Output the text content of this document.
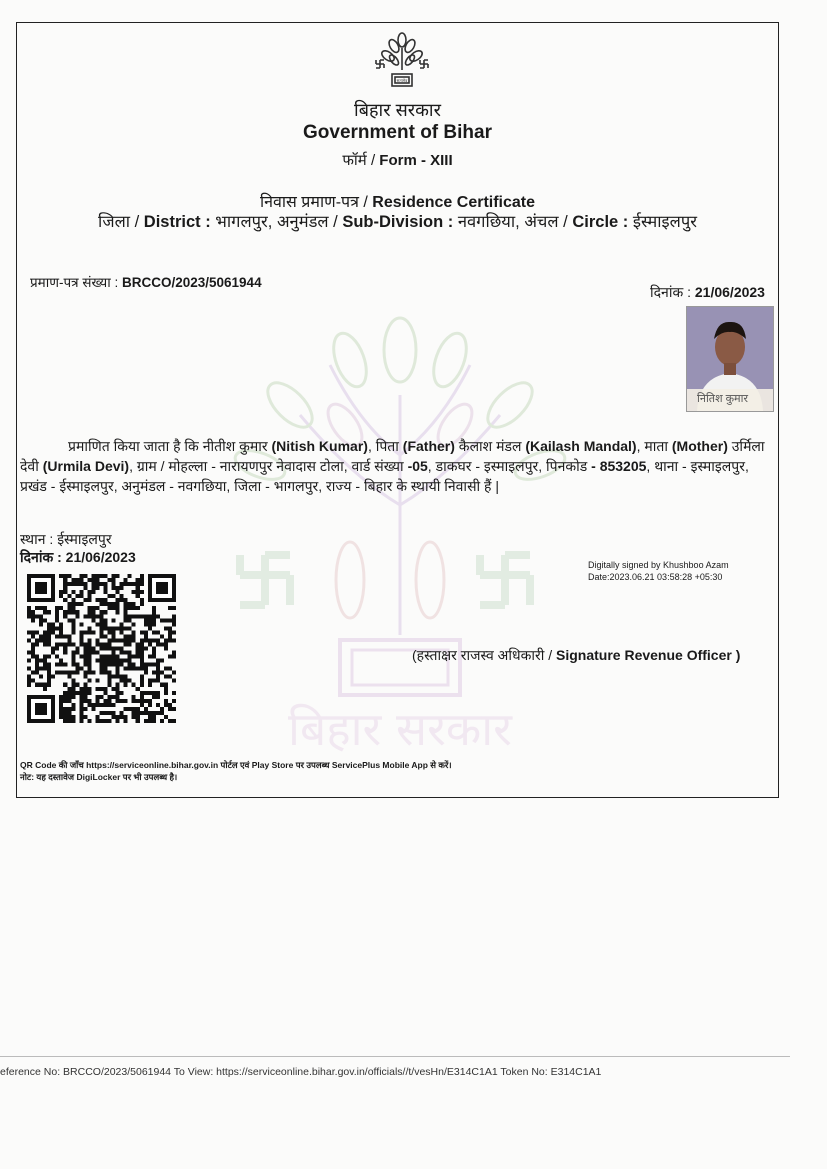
सत्यमेव
बिहार सरकार
Government of Bihar
फॉर्म / Form - XIII
निवास प्रमाण-पत्र / Residence Certificate
जिला / District : भागलपुर, अनुमंडल / Sub-Division : नवगछिया, अंचल / Circle : ईस्माइलपुर
प्रमाण-पत्र संख्या : BRCCO/2023/5061944
दिनांक : 21/06/2023
बिहार सरकार
नितिश कुमार
प्रमाणित किया जाता है कि नीतीश कुमार (Nitish Kumar), पिता (Father) कैलाश मंडल (Kailash Mandal), माता (Mother) उर्मिला देवी (Urmila Devi), ग्राम / मोहल्ला - नारायणपुर नेवादास टोला, वार्ड संख्या -05, डाकघर - इस्माइलपुर, पिनकोड - 853205, थाना - इस्माइलपुर, प्रखंड - ईस्माइलपुर, अनुमंडल - नवगछिया, जिला - भागलपुर, राज्य - बिहार के स्थायी निवासी हैं |
स्थान : ईस्माइलपुर
दिनांक : 21/06/2023	Digitally signed by Khushboo Azam
Date:2023.06.21 03:58:28 +05:30
(हस्ताक्षर राजस्व अधिकारी / Signature Revenue Officer )
QR Code की जाँच https://serviceonline.bihar.gov.in पोर्टल एवं Play Store पर उपलब्ध ServicePlus Mobile App से करें।
नोट: यह दस्तावेज DigiLocker पर भी उपलब्ध है।
eference No: BRCCO/2023/5061944 To View: https://serviceonline.bihar.gov.in/officials//t/vesHn/E314C1A1 Token No: E314C1A1
